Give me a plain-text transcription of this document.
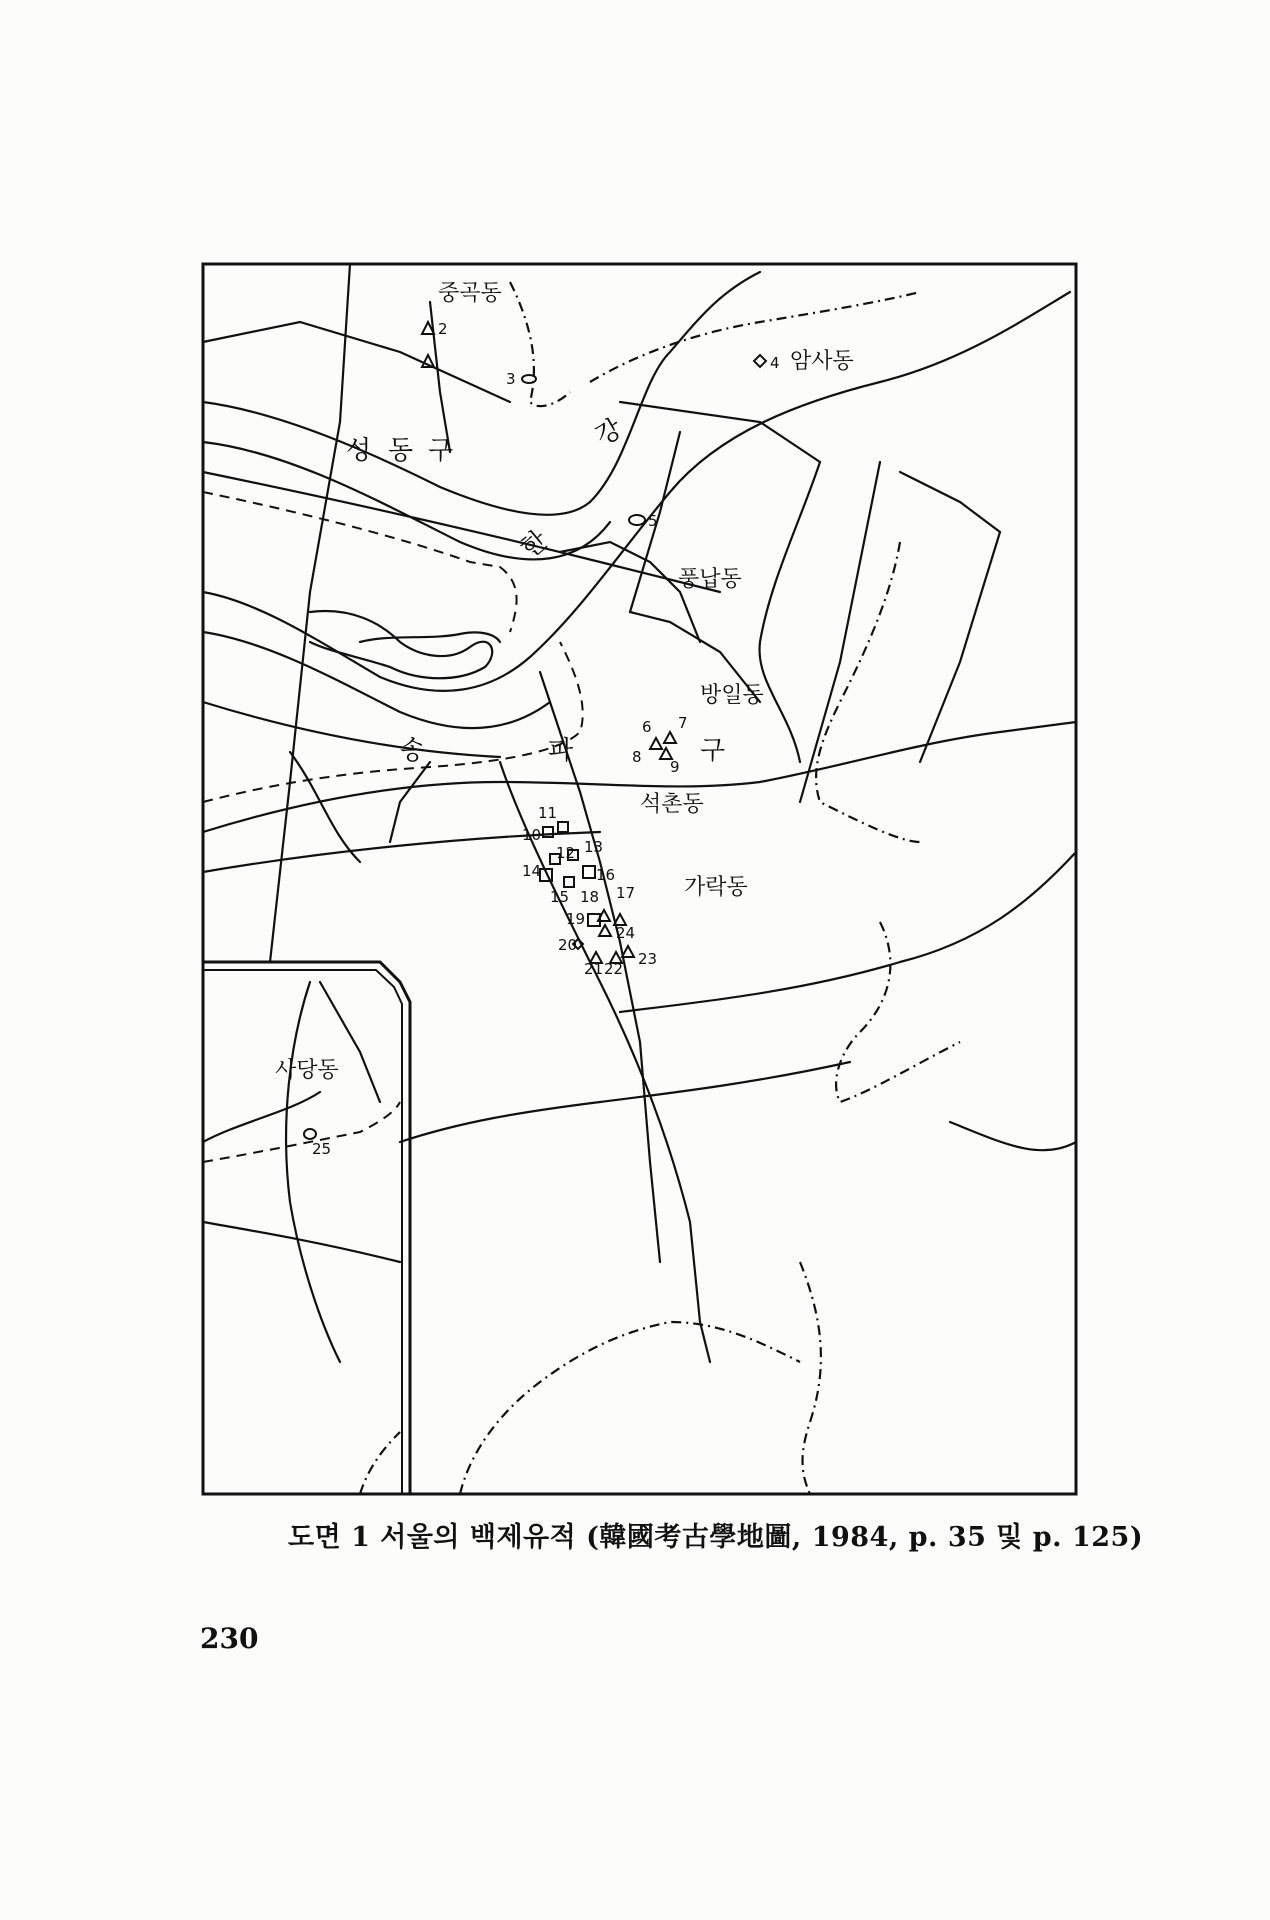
중곡동
암사동
풍납동
방일동
석촌동
가락동
사당동
성 동 구	강
한
송	파	구
2
3
4
5
6 7
8
9
10
11
12 13
14
15
16
17
18
19
20
21 22
23
24
25
도면 1 서울의 백제유적 (韓國考古學地圖, 1984, p. 35 및 p. 125)
230
